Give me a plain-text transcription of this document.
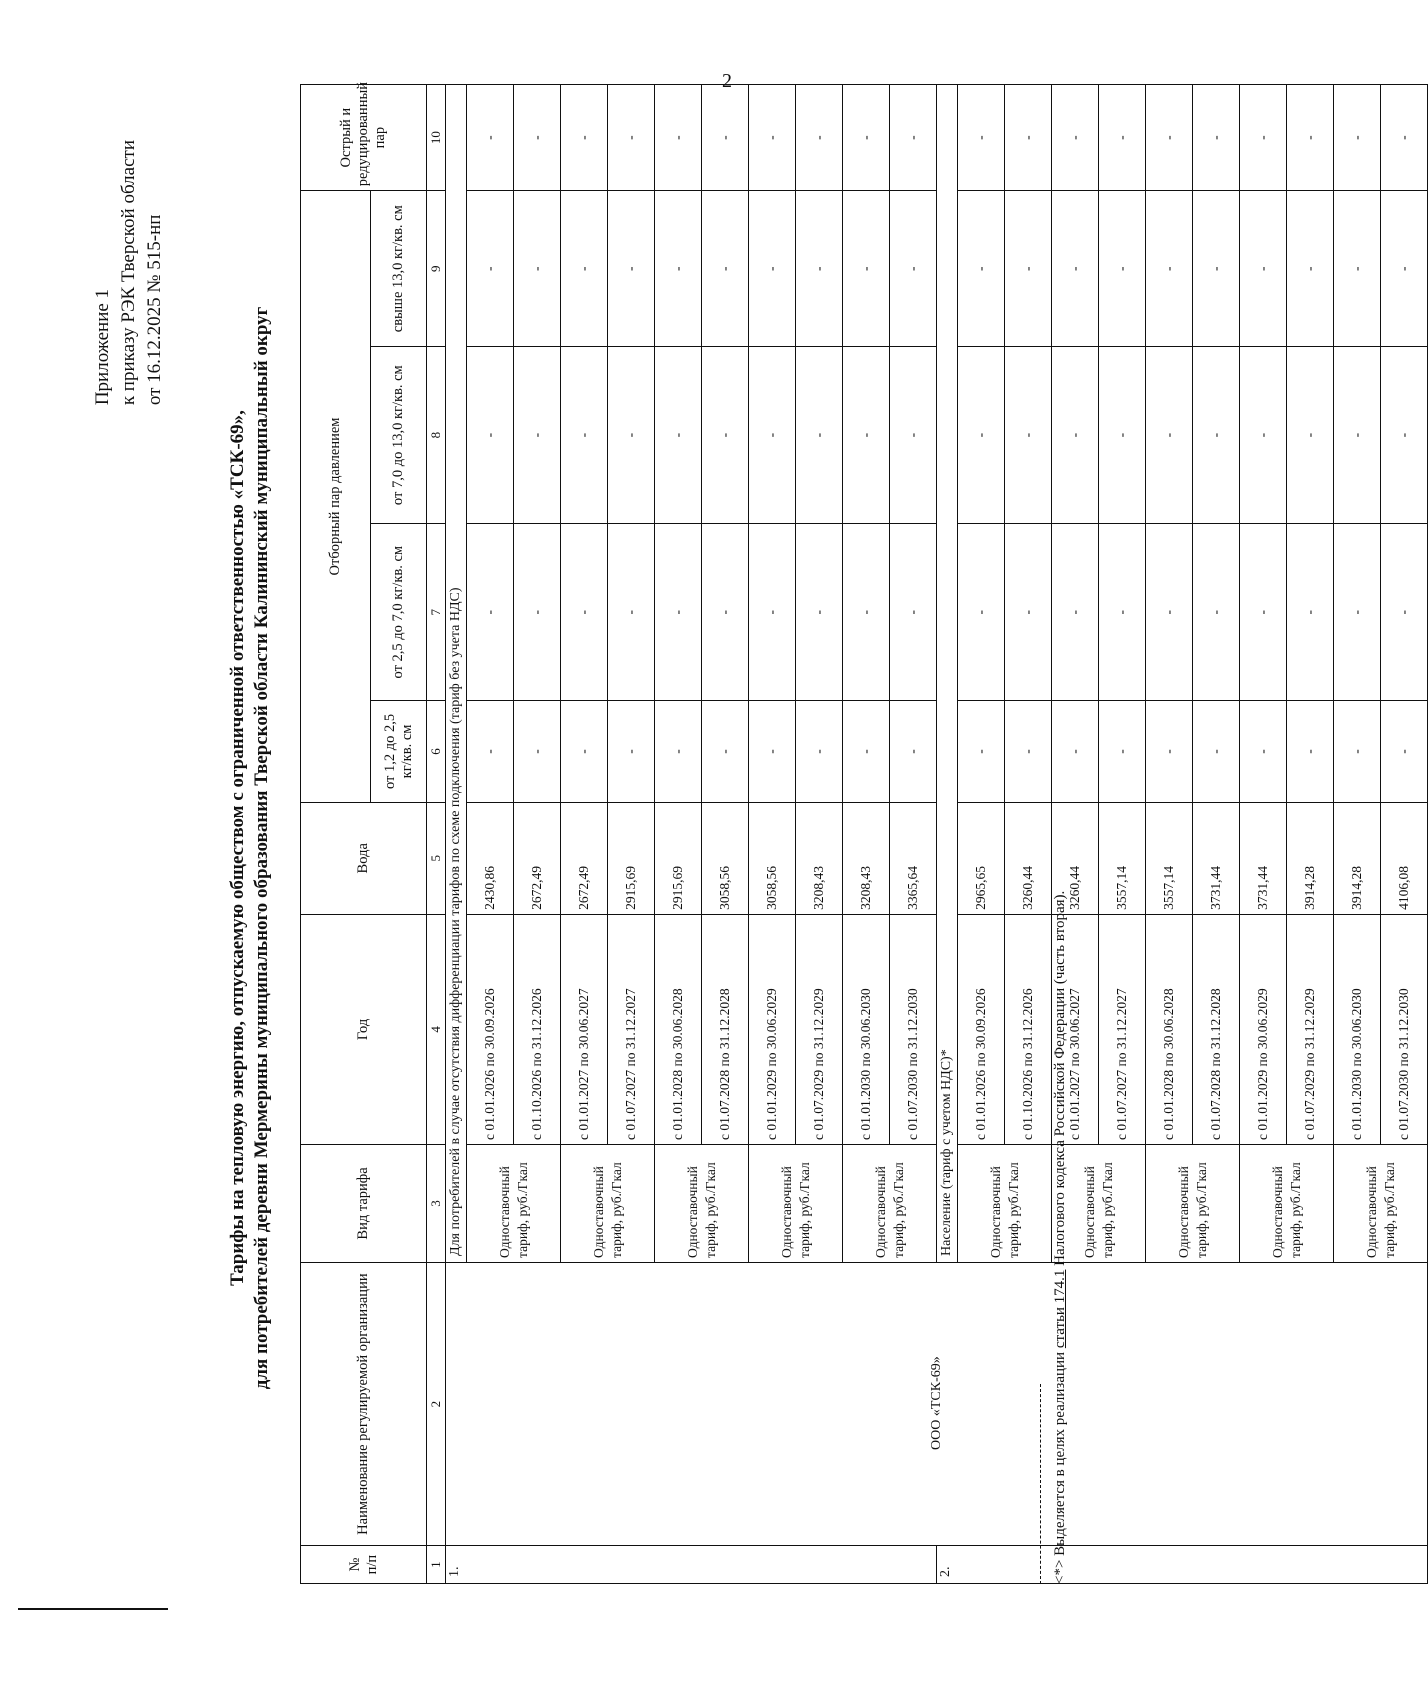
2
Приложение 1 к приказу РЭК Тверской области от 16.12.2025 № 515-нп
Тарифы на тепловую энергию, отпускаемую обществом с ограниченной ответственностью «ТСК-69», для потребителей деревни Мермерины муниципального образования Тверской области Калининский муниципальный округ
№ п/п	Наименование регулируемой организации	Вид тарифа	Год	Вода	Отборный пар давлением				Острый и редуцированный пар
					от 1,2 до 2,5 кг/кв. см	от 2,5 до 7,0 кг/кв. см	от 7,0 до 13,0 кг/кв. см	свыше 13,0 кг/кв. см	
1	2	3	4	5	6	7	8	9	10
1.	ООО «ТСК-69»	Для потребителей в случае отсутствия дифференциации тарифов по схеме подключения (тариф без учета НДС)							
		Одноставочный тариф, руб./Гкал	с 01.01.2026 по 30.09.2026	2430,86	-	-	-	-	-
			с 01.10.2026 по 31.12.2026	2672,49	-	-	-	-	-
		Одноставочный тариф, руб./Гкал	с 01.01.2027 по 30.06.2027	2672,49	-	-	-	-	-
			с 01.07.2027 по 31.12.2027	2915,69	-	-	-	-	-
		Одноставочный тариф, руб./Гкал	с 01.01.2028 по 30.06.2028	2915,69	-	-	-	-	-
			с 01.07.2028 по 31.12.2028	3058,56	-	-	-	-	-
		Одноставочный тариф, руб./Гкал	с 01.01.2029 по 30.06.2029	3058,56	-	-	-	-	-
			с 01.07.2029 по 31.12.2029	3208,43	-	-	-	-	-
		Одноставочный тариф, руб./Гкал	с 01.01.2030 по 30.06.2030	3208,43	-	-	-	-	-
			с 01.07.2030 по 31.12.2030	3365,64	-	-	-	-	-
2.		Население (тариф с учетом НДС)*							
		Одноставочный тариф, руб./Гкал	с 01.01.2026 по 30.09.2026	2965,65	-	-	-	-	-
			с 01.10.2026 по 31.12.2026	3260,44	-	-	-	-	-
		Одноставочный тариф, руб./Гкал	с 01.01.2027 по 30.06.2027	3260,44	-	-	-	-	-
			с 01.07.2027 по 31.12.2027	3557,14	-	-	-	-	-
		Одноставочный тариф, руб./Гкал	с 01.01.2028 по 30.06.2028	3557,14	-	-	-	-	-
			с 01.07.2028 по 31.12.2028	3731,44	-	-	-	-	-
		Одноставочный тариф, руб./Гкал	с 01.01.2029 по 30.06.2029	3731,44	-	-	-	-	-
			с 01.07.2029 по 31.12.2029	3914,28	-	-	-	-	-
		Одноставочный тариф, руб./Гкал	с 01.01.2030 по 30.06.2030	3914,28	-	-	-	-	-
			с 01.07.2030 по 31.12.2030	4106,08	-	-	-	-	-
<*> Выделяется в целях реализации статьи 174.1 Налогового кодекса Российской Федерации (часть вторая).
